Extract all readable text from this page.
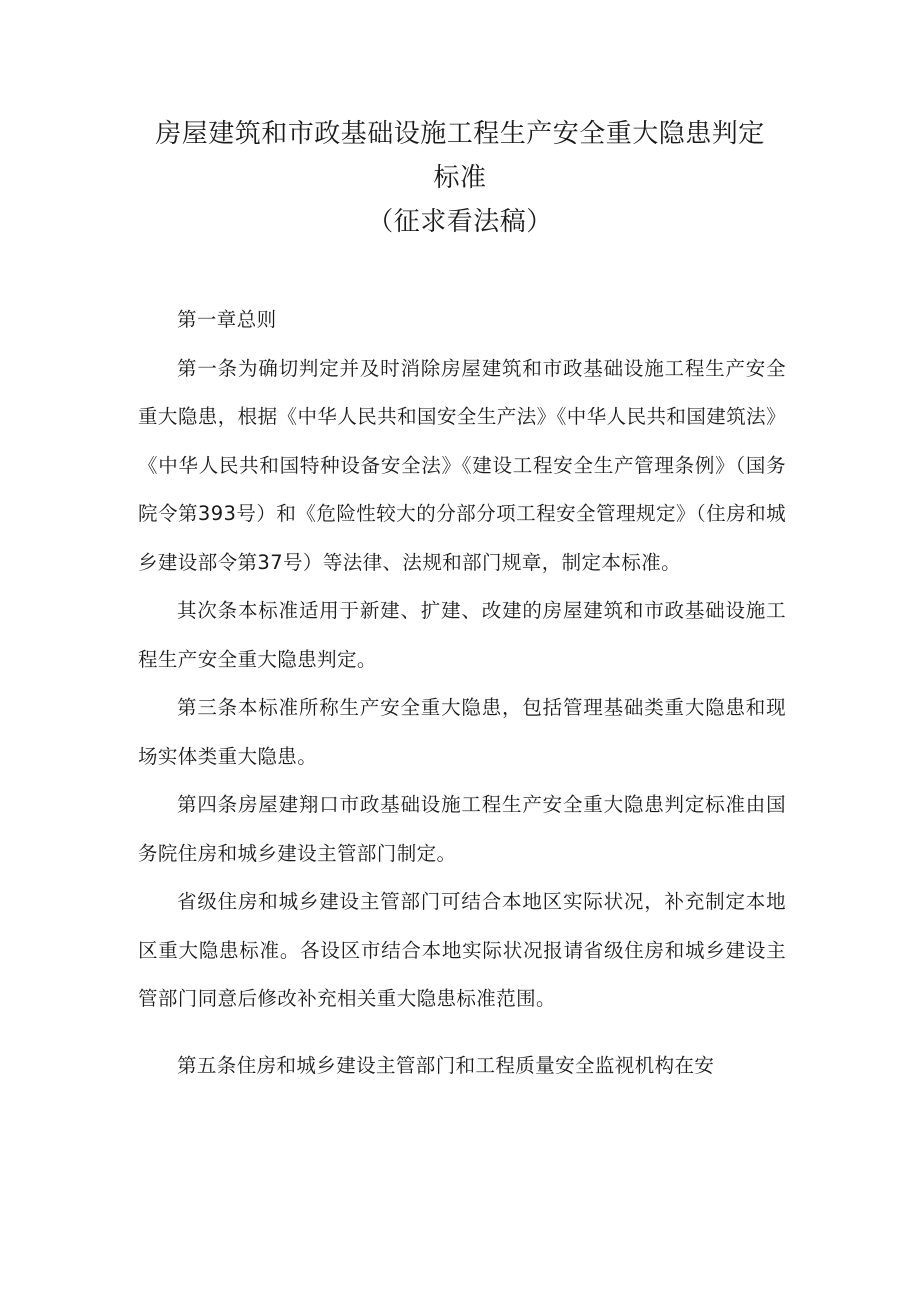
房屋建筑和市政基础设施工程生产安全重大隐患判定
标准
（征求看法稿）

第一章总则

第一条为确切判定并及时消除房屋建筑和市政基础设施工程生产安全重大隐患，根据《中华人民共和国安全生产法》《中华人民共和国建筑法》《中华人民共和国特种设备安全法》《建设工程安全生产管理条例》（国务院令第393号）和《危险性较大的分部分项工程安全管理规定》（住房和城乡建设部令第37号）等法律、法规和部门规章，制定本标准。

其次条本标准适用于新建、扩建、改建的房屋建筑和市政基础设施工程生产安全重大隐患判定。

第三条本标准所称生产安全重大隐患，包括管理基础类重大隐患和现场实体类重大隐患。

第四条房屋建翔口市政基础设施工程生产安全重大隐患判定标准由国务院住房和城乡建设主管部门制定。

省级住房和城乡建设主管部门可结合本地区实际状况，补充制定本地区重大隐患标准。各设区市结合本地实际状况报请省级住房和城乡建设主管部门同意后修改补充相关重大隐患标准范围。

第五条住房和城乡建设主管部门和工程质量安全监视机构在安
